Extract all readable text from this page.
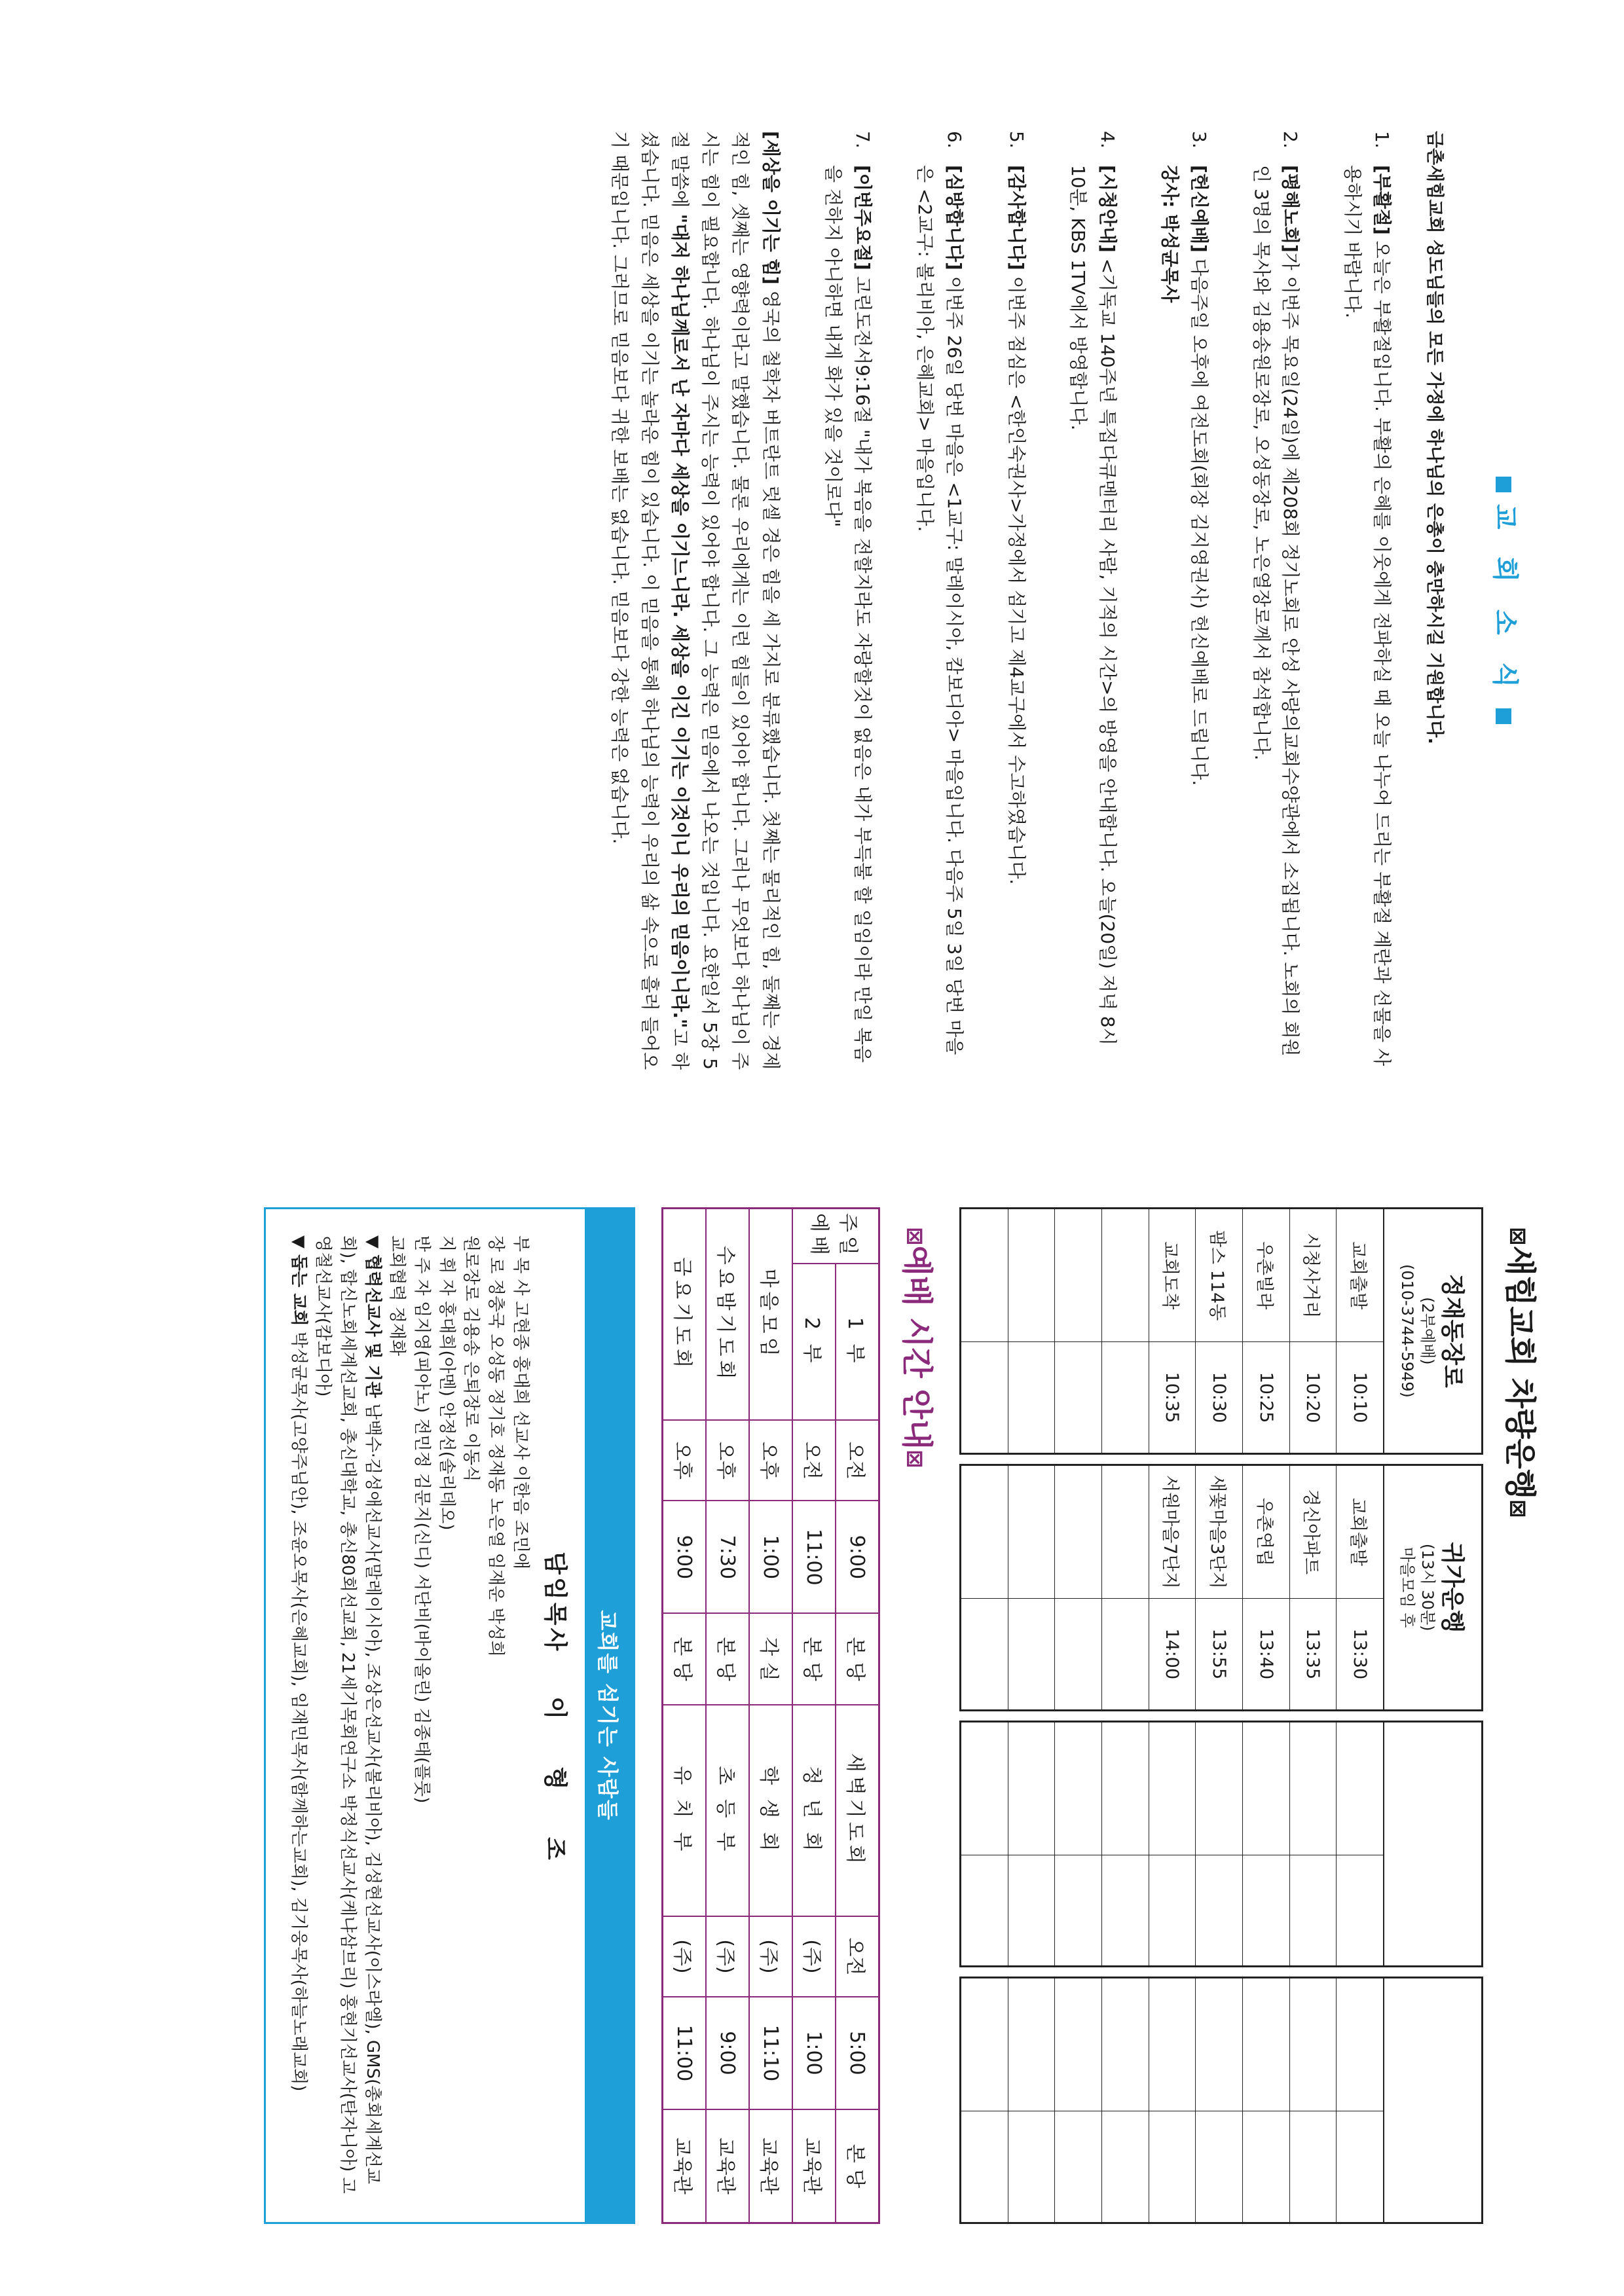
교 회 소 식
금촌새힘교회 성도님들의 모든 가정에 하나님의 은총이 충만하시길 기원합니다.
1.
[부활절] 오늘은 부활절입니다. 부활의 은혜를 이웃에게 전파하실 때 오늘 나누어 드리는 부활절 계란과 선물을 사용하시기 바랍니다.
2.
[평해노회]가 이번주 목요일(24일)에 제208회 정기노회로 안성 사랑의교회수양관에서 소집됩니다. 노회의 회원인 3명의 목사와 김용송원로장로, 오성동장로, 노은열장로께서 참석합니다.
3.
[헌신예배] 다음주일 오후에 여전도회(회장 김지영권사) 헌신예배로 드립니다.
강사: 박성균목사
4.
[시청안내] <기독교 140주년 특집다큐멘터리 사람, 기적의 시간>의 방영을 안내합니다. 오늘(20일) 저녁 8시 10분, KBS 1TV에서 방영합니다.
5.
[감사합니다] 이번주 점심은 <한인숙권사>가정에서 섬기고 제4교구에서 수고하였습니다.
6.
[심방합니다] 이번주 26일 당번 마을은 <1교구: 말레이시아, 캄보디아> 마을입니다. 다음주 5일 3일 당번 마을은 <2교구: 볼리비아, 은혜교회> 마을입니다.
7.
[이번주요절] 고린도전서9:16절 "내가 복음을 전할지라도 자랑할것이 없음은 내가 부득불 할 일임이라 만일 복음을 전하지 아니하면 내게 화가 있을 것이로다"
[세상을 이기는 힘] 영국의 철학자 버트란트 럿셀 경은 힘을 세 가지로 분류했습니다. 첫째는 물리적인 힘, 둘째는 경제적인 힘, 셋째는 영향력이라고 말했습니다. 물론 우리에게는 이런 힘들이 있어야 합니다. 그러나 무엇보다 하나님이 주시는 힘이 필요합니다. 하나님이 주시는 능력이 있어야 합니다. 그 능력은 믿음에서 나오는 것입니다. 요한일서 5장 5절 말씀에 "대저 하나님께로서 난 자마다 세상을 이기느니라. 세상을 이긴 이기는 이것이니 우리의 믿음이니라."고 하셨습니다. 믿음은 세상을 이기는 놀라운 힘이 있습니다. 이 믿음을 통해 하나님의 능력이 우리의 삶 속으로 흘러 들어오기 때문입니다. 그러므로 믿음보다 귀한 보배는 없습니다. 믿음보다 강한 능력은 없습니다.
⊠새힘교회 차량운행⊠
정재동장로
(2부예배)
(010-3744-5949)
교회출발
10:10
시청사거리
10:20
우촌빌라
10:25
팜스 114동
10:30
교회도착
10:35
귀가운행
(13시 30분)
마을모임 후
교회출발
13:30
경신아파트
13:35
우촌연립
13:40
새꽃마을3단지
13:55
서원마을7단지
14:00
⊠예배 시간 안내⊠
주일 예배	1 부	오전	9:00	본 당	새벽기도회	오전	5:00	본 당
	2 부	오전	11:00	본 당	청 년 회	(주)	1:00	교육관
마을모임		오후	1:00	각 실	학 생 회	(주)	11:10	교육관
수요밤기도회		오후	7:30	본 당	초 등 부	(주)	9:00	교육관
금요기도회		오후	9:00	본 당	유 치 부	(주)	11:00	교육관
교회를 섬기는 사람들
담임목사    이 형 조
부 목 사 고현종 홍대희 선교사 이한음 조민애
장 로 정충국 오성동 정기호 정재동 노은열 임재운 박성희
원로장로 김용송 은퇴장로 이동식
지 휘 자 홍대희(아멘) 안정선(솔리데오)
반 주 자 임지영(피아노) 전민정 김문지(신디) 서단비(바이올린) 김종태(플룻)
교회협력 정재화
▼ 협력선교사 및 기관 남백수·김성애선교사(말레이시아), 조상은선교사(볼리비아), 김성현선교사(이스라엘), GMS(총회세계선교회), 합신노회세계선교회, 총신대학교, 총신80회선교회, 21세기목회연구소 박정식선교사(케냐삼브리) 홍현기선교사(탄자니아) 고영철선교사(캄보디아)
▼ 돕는 교회 박성균목사(고양주님안), 조윤오목사(은혜교회), 임재민목사(함께하는교회), 김기웅목사(하늘노래교회)
